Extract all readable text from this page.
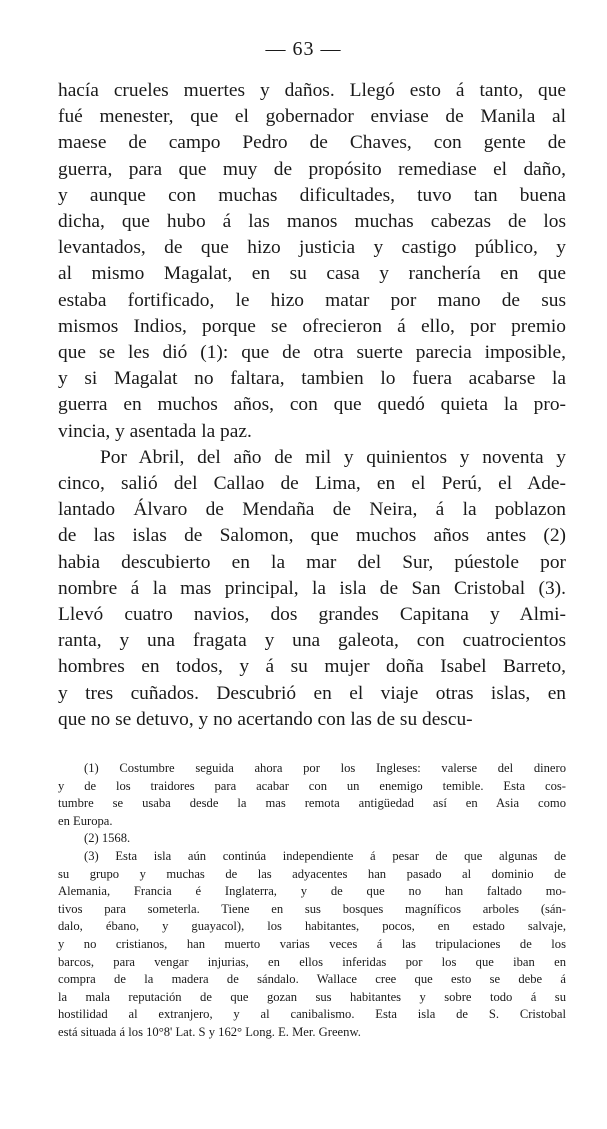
— 63 —
hacía crueles muertes y daños. Llegó esto á tanto, que
fué menester, que el gobernador enviase de Manila al
maese de campo Pedro de Chaves, con gente de
guerra, para que muy de propósito remediase el daño,
y aunque con muchas dificultades, tuvo tan buena
dicha, que hubo á las manos muchas cabezas de los
levantados, de que hizo justicia y castigo público, y
al mismo Magalat, en su casa y ranchería en que
estaba fortificado, le hizo matar por mano de sus
mismos Indios, porque se ofrecieron á ello, por premio
que se les dió (1): que de otra suerte parecia imposible,
y si Magalat no faltara, tambien lo fuera acabarse la
guerra en muchos años, con que quedó quieta la pro-
vincia, y asentada la paz.
Por Abril, del año de mil y quinientos y noventa y
cinco, salió del Callao de Lima, en el Perú, el Ade-
lantado Álvaro de Mendaña de Neira, á la poblazon
de las islas de Salomon, que muchos años antes (2)
habia descubierto en la mar del Sur, púestole por
nombre á la mas principal, la isla de San Cristobal (3).
Llevó cuatro navios, dos grandes Capitana y Almi-
ranta, y una fragata y una galeota, con cuatrocientos
hombres en todos, y á su mujer doña Isabel Barreto,
y tres cuñados. Descubrió en el viaje otras islas, en
que no se detuvo, y no acertando con las de su descu-
(1) Costumbre seguida ahora por los Ingleses: valerse del dinero
y de los traidores para acabar con un enemigo temible. Esta cos-
tumbre se usaba desde la mas remota antigüedad así en Asia como
en Europa.
(2) 1568.
(3) Esta isla aún continúa independiente á pesar de que algunas de
su grupo y muchas de las adyacentes han pasado al dominio de
Alemania, Francia é Inglaterra, y de que no han faltado mo-
tivos para someterla. Tiene en sus bosques magníficos arboles (sán-
dalo, ébano, y guayacol), los habitantes, pocos, en estado salvaje,
y no cristianos, han muerto varias veces á las tripulaciones de los
barcos, para vengar injurias, en ellos inferidas por los que iban en
compra de la madera de sándalo. Wallace cree que esto se debe á
la mala reputación de que gozan sus habitantes y sobre todo á su
hostilidad al extranjero, y al canibalismo. Esta isla de S. Cristobal
está situada á los 10°8' Lat. S y 162° Long. E. Mer. Greenw.
